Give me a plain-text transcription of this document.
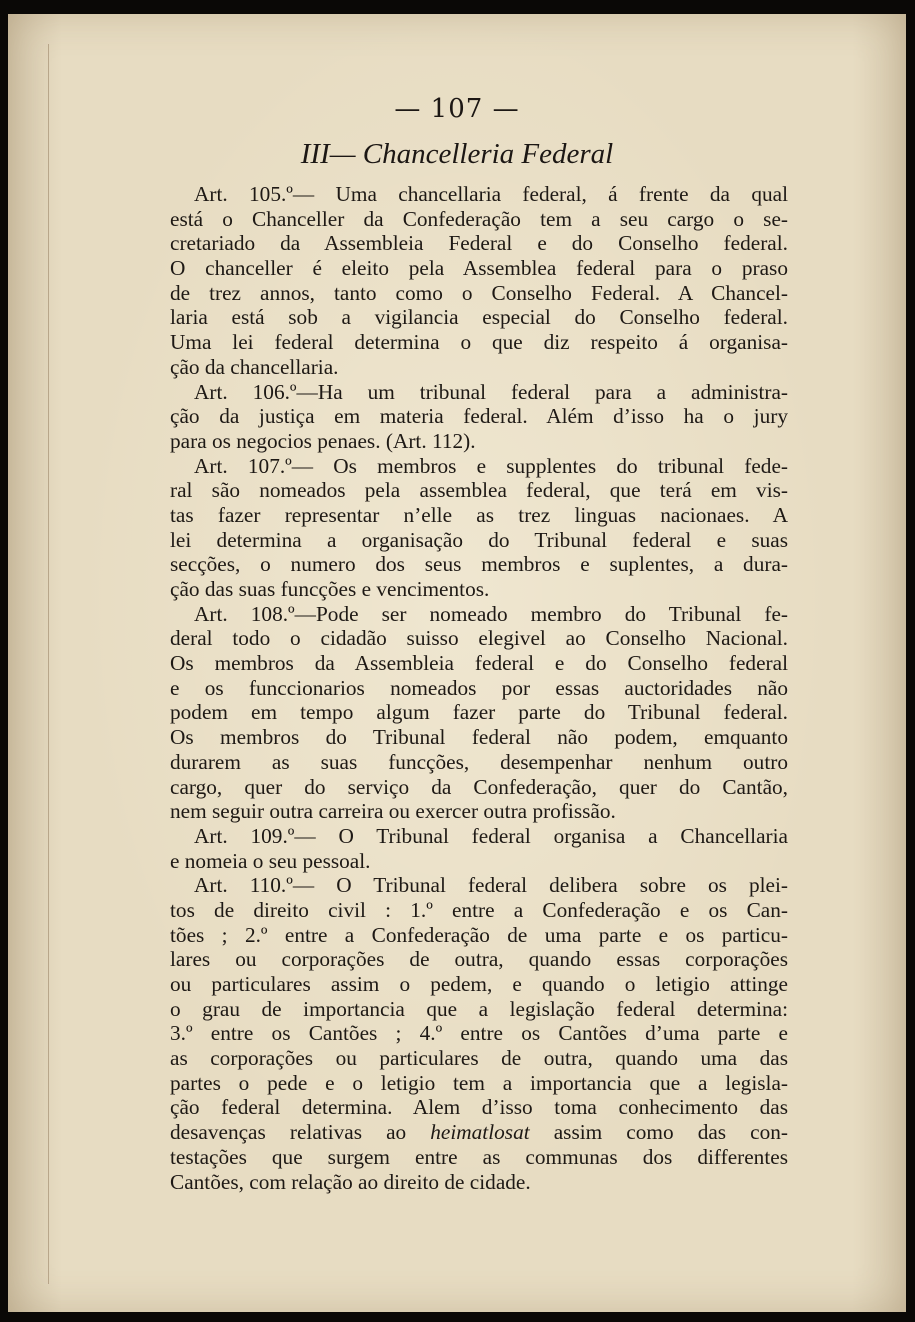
— 107 —
III— Chancelleria Federal
Art. 105.º— Uma chancellaria federal, á frente da qual
está o Chanceller da Confederação tem a seu cargo o se-
cretariado da Assembleia Federal e do Conselho federal.
O chanceller é eleito pela Assemblea federal para o praso
de trez annos, tanto como o Conselho Federal. A Chancel-
laria está sob a vigilancia especial do Conselho federal.
Uma lei federal determina o que diz respeito á organisa-
ção da chancellaria.
Art. 106.º—Ha um tribunal federal para a administra-
ção da justiça em materia federal. Além d’isso ha o jury
para os negocios penaes. (Art. 112).
Art. 107.º— Os membros e supplentes do tribunal fede-
ral são nomeados pela assemblea federal, que terá em vis-
tas fazer representar n’elle as trez linguas nacionaes. A
lei determina a organisação do Tribunal federal e suas
secções, o numero dos seus membros e suplentes, a dura-
ção das suas funcções e vencimentos.
Art. 108.º—Pode ser nomeado membro do Tribunal fe-
deral todo o cidadão suisso elegivel ao Conselho Nacional.
Os membros da Assembleia federal e do Conselho federal
e os funccionarios nomeados por essas auctoridades não
podem em tempo algum fazer parte do Tribunal federal.
Os membros do Tribunal federal não podem, emquanto
durarem as suas funcções, desempenhar nenhum outro
cargo, quer do serviço da Confederação, quer do Cantão,
nem seguir outra carreira ou exercer outra profissão.
Art. 109.º— O Tribunal federal organisa a Chancellaria
e nomeia o seu pessoal.
Art. 110.º— O Tribunal federal delibera sobre os plei-
tos de direito civil : 1.º entre a Confederação e os Can-
tões ; 2.º entre a Confederação de uma parte e os particu-
lares ou corporações de outra, quando essas corporações
ou particulares assim o pedem, e quando o letigio attinge
o grau de importancia que a legislação federal determina:
3.º entre os Cantões ; 4.º entre os Cantões d’uma parte e
as corporações ou particulares de outra, quando uma das
partes o pede e o letigio tem a importancia que a legisla-
ção federal determina. Alem d’isso toma conhecimento das
desavenças relativas ao heimatlosat assim como das con-
testações que surgem entre as communas dos differentes
Cantões, com relação ao direito de cidade.
